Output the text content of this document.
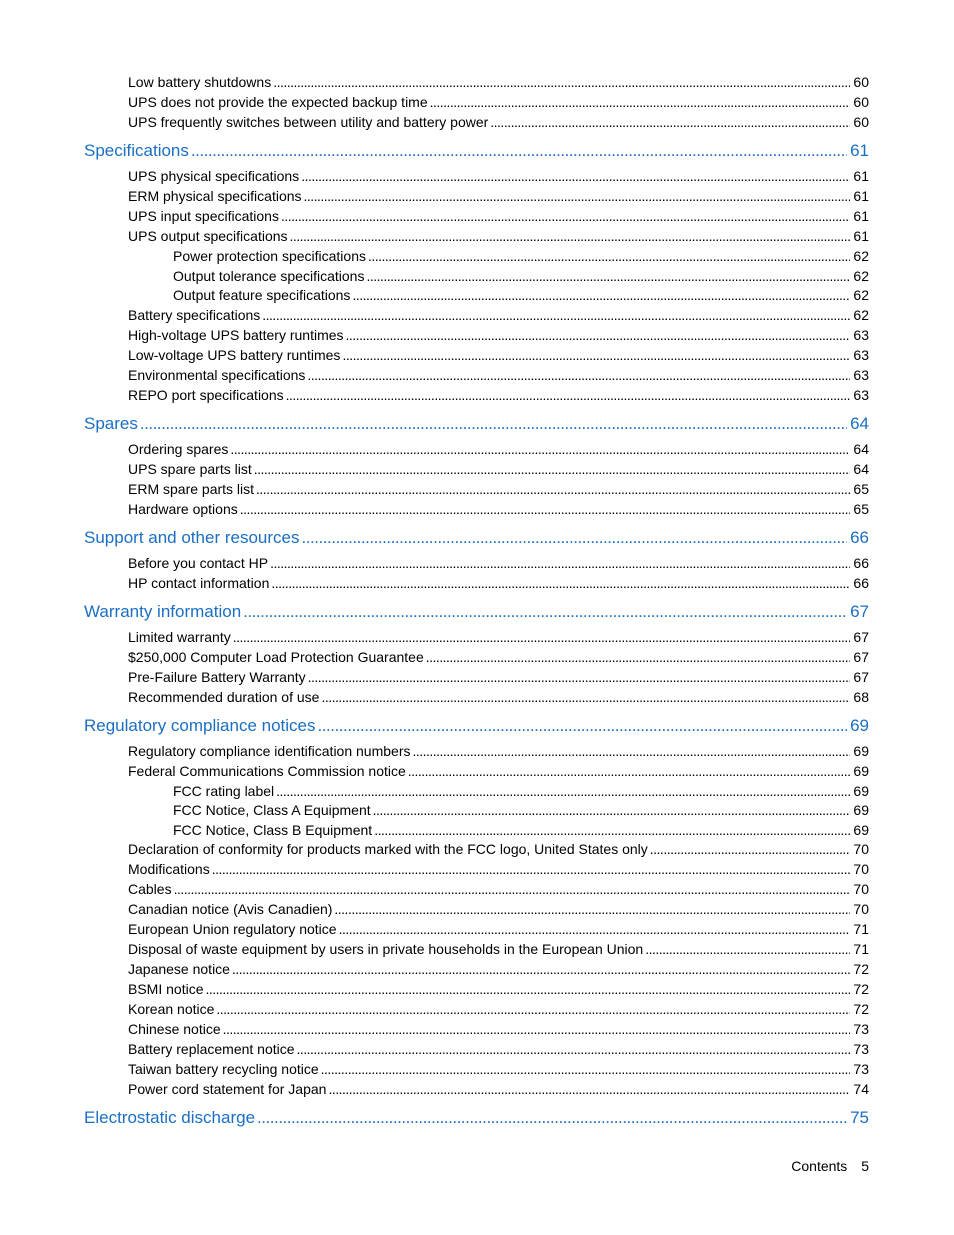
Low battery shutdowns . . .	60
UPS does not provide the expected backup time . . .	60
UPS frequently switches between utility and battery power . . .	60
Specifications . . .	61
UPS physical specifications . . .	61
ERM physical specifications . . .	61
UPS input specifications . . .	61
UPS output specifications . . .	61
Power protection specifications . . .	62
Output tolerance specifications . . .	62
Output feature specifications . . .	62
Battery specifications . . .	62
High-voltage UPS battery runtimes . . .	63
Low-voltage UPS battery runtimes . . .	63
Environmental specifications . . .	63
REPO port specifications . . .	63
Spares . . .	64
Ordering spares . . .	64
UPS spare parts list . . .	64
ERM spare parts list . . .	65
Hardware options . . .	65
Support and other resources . . .	66
Before you contact HP . . .	66
HP contact information . . .	66
Warranty information . . .	67
Limited warranty . . .	67
$250,000 Computer Load Protection Guarantee . . .	67
Pre-Failure Battery Warranty . . .	67
Recommended duration of use . . .	68
Regulatory compliance notices . . .	69
Regulatory compliance identification numbers . . .	69
Federal Communications Commission notice . . .	69
FCC rating label . . .	69
FCC Notice, Class A Equipment . . .	69
FCC Notice, Class B Equipment . . .	69
Declaration of conformity for products marked with the FCC logo, United States only . . .	70
Modifications . . .	70
Cables . . .	70
Canadian notice (Avis Canadien) . . .	70
European Union regulatory notice . . .	71
Disposal of waste equipment by users in private households in the European Union . . .	71
Japanese notice . . .	72
BSMI notice . . .	72
Korean notice . . .	72
Chinese notice . . .	73
Battery replacement notice . . .	73
Taiwan battery recycling notice . . .	73
Power cord statement for Japan . . .	74
Electrostatic discharge . . .	75
Contents 5
